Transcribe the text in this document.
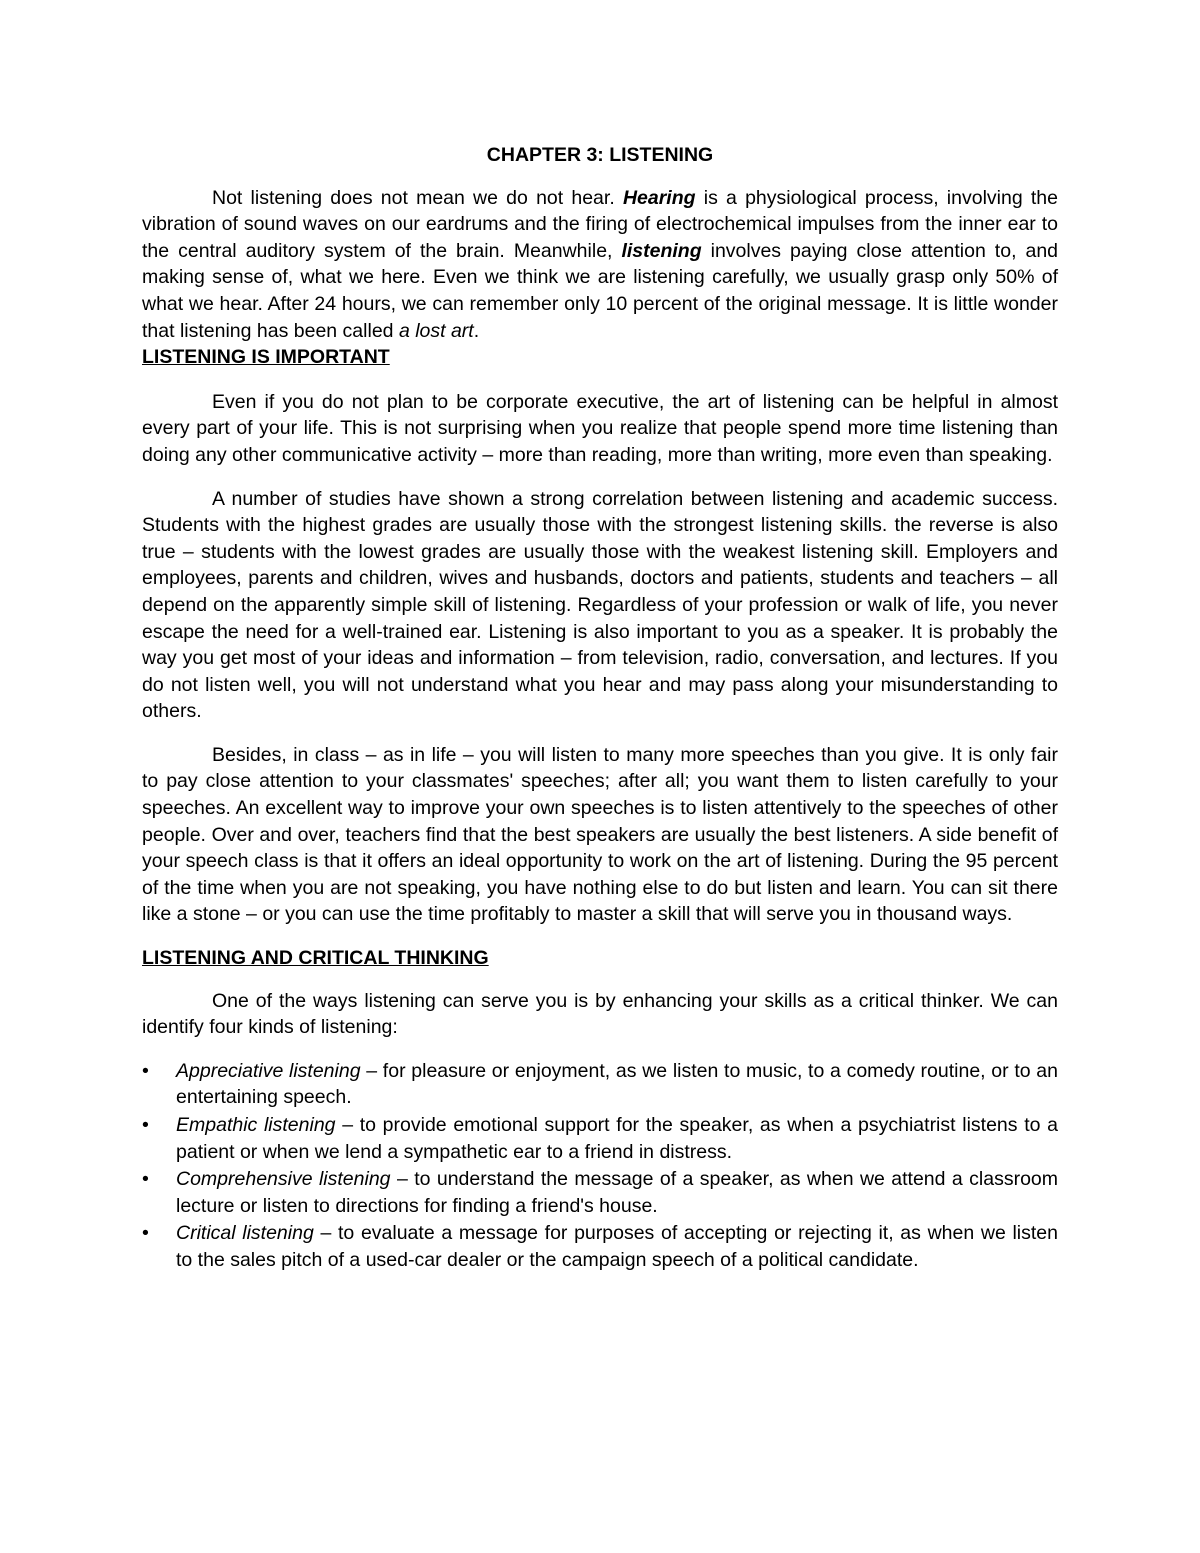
CHAPTER 3: LISTENING

Not listening does not mean we do not hear. Hearing is a physiological process, involving the vibration of sound waves on our eardrums and the firing of electrochemical impulses from the inner ear to the central auditory system of the brain. Meanwhile, listening involves paying close attention to, and making sense of, what we here. Even we think we are listening carefully, we usually grasp only 50% of what we hear. After 24 hours, we can remember only 10 percent of the original message. It is little wonder that listening has been called a lost art.

LISTENING IS IMPORTANT

Even if you do not plan to be corporate executive, the art of listening can be helpful in almost every part of your life. This is not surprising when you realize that people spend more time listening than doing any other communicative activity – more than reading, more than writing, more even than speaking.

A number of studies have shown a strong correlation between listening and academic success. Students with the highest grades are usually those with the strongest listening skills. the reverse is also true – students with the lowest grades are usually those with the weakest listening skill. Employers and employees, parents and children, wives and husbands, doctors and patients, students and teachers – all depend on the apparently simple skill of listening. Regardless of your profession or walk of life, you never escape the need for a well-trained ear. Listening is also important to you as a speaker. It is probably the way you get most of your ideas and information – from television, radio, conversation, and lectures. If you do not listen well, you will not understand what you hear and may pass along your misunderstanding to others.

Besides, in class – as in life – you will listen to many more speeches than you give. It is only fair to pay close attention to your classmates' speeches; after all; you want them to listen carefully to your speeches. An excellent way to improve your own speeches is to listen attentively to the speeches of other people. Over and over, teachers find that the best speakers are usually the best listeners. A side benefit of your speech class is that it offers an ideal opportunity to work on the art of listening. During the 95 percent of the time when you are not speaking, you have nothing else to do but listen and learn. You can sit there like a stone – or you can use the time profitably to master a skill that will serve you in thousand ways.

LISTENING AND CRITICAL THINKING

One of the ways listening can serve you is by enhancing your skills as a critical thinker. We can identify four kinds of listening:

•	Appreciative listening – for pleasure or enjoyment, as we listen to music, to a comedy routine, or to an entertaining speech.
•	Empathic listening – to provide emotional support for the speaker, as when a psychiatrist listens to a patient or when we lend a sympathetic ear to a friend in distress.
•	Comprehensive listening – to understand the message of a speaker, as when we attend a classroom lecture or listen to directions for finding a friend's house.
•	Critical listening – to evaluate a message for purposes of accepting or rejecting it, as when we listen to the sales pitch of a used-car dealer or the campaign speech of a political candidate.
